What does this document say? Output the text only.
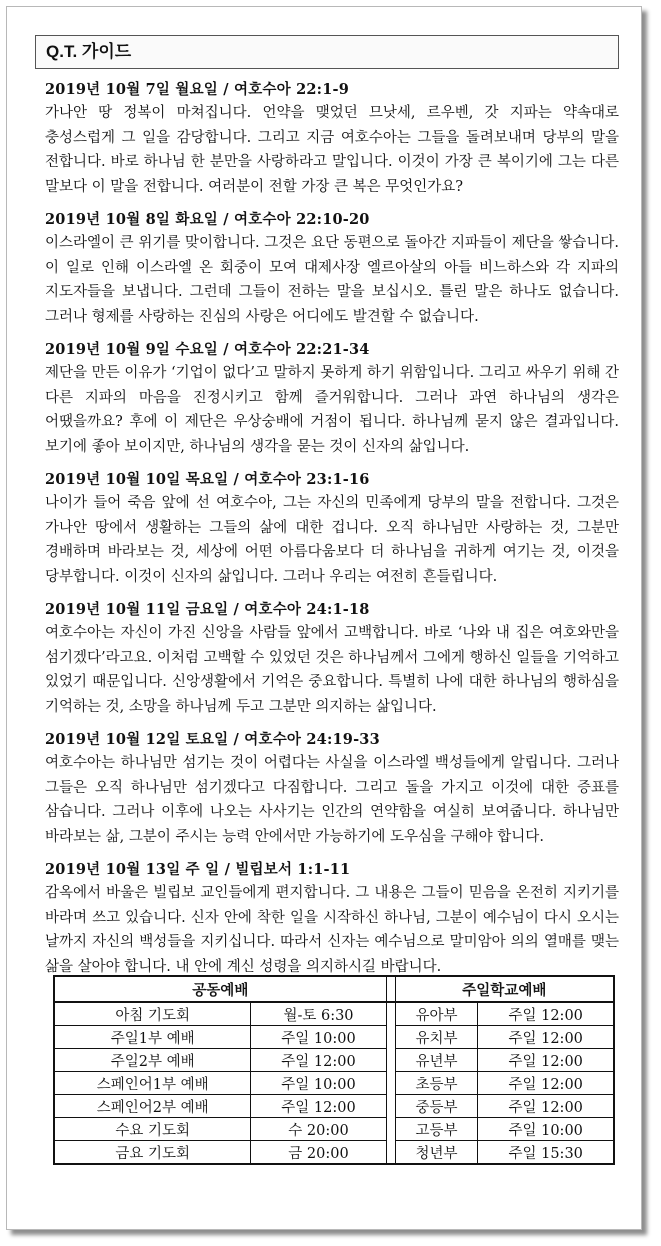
Q.T. 가이드
2019년 10월 7일 월요일 / 여호수아 22:1-9
가나안 땅 정복이 마쳐집니다. 언약을 맺었던 므낫세, 르우벤, 갓 지파는 약속대로 충성스럽게 그 일을 감당합니다. 그리고 지금 여호수아는 그들을 돌려보내며 당부의 말을 전합니다. 바로 하나님 한 분만을 사랑하라고 말입니다. 이것이 가장 큰 복이기에 그는 다른 말보다 이 말을 전합니다. 여러분이 전할 가장 큰 복은 무엇인가요?
2019년 10월 8일 화요일 / 여호수아 22:10-20
이스라엘이 큰 위기를 맞이합니다. 그것은 요단 동편으로 돌아간 지파들이 제단을 쌓습니다. 이 일로 인해 이스라엘 온 회중이 모여 대제사장 엘르아살의 아들 비느하스와 각 지파의 지도자들을 보냅니다. 그런데 그들이 전하는 말을 보십시오. 틀린 말은 하나도 없습니다. 그러나 형제를 사랑하는 진심의 사랑은 어디에도 발견할 수 없습니다.
2019년 10월 9일 수요일 / 여호수아 22:21-34
제단을 만든 이유가 ‘기업이 없다’고 말하지 못하게 하기 위함입니다. 그리고 싸우기 위해 간 다른 지파의 마음을 진정시키고 함께 즐거워합니다. 그러나 과연 하나님의 생각은 어땠을까요? 후에 이 제단은 우상숭배에 거점이 됩니다. 하나님께 묻지 않은 결과입니다. 보기에 좋아 보이지만, 하나님의 생각을 묻는 것이 신자의 삶입니다.
2019년 10월 10일 목요일 / 여호수아 23:1-16
나이가 들어 죽음 앞에 선 여호수아, 그는 자신의 민족에게 당부의 말을 전합니다. 그것은 가나안 땅에서 생활하는 그들의 삶에 대한 겁니다. 오직 하나님만 사랑하는 것, 그분만 경배하며 바라보는 것, 세상에 어떤 아름다움보다 더 하나님을 귀하게 여기는 것, 이것을 당부합니다. 이것이 신자의 삶입니다. 그러나 우리는 여전히 흔들립니다.
2019년 10월 11일 금요일 / 여호수아 24:1-18
여호수아는 자신이 가진 신앙을 사람들 앞에서 고백합니다. 바로 ‘나와 내 집은 여호와만을 섬기겠다’라고요. 이처럼 고백할 수 있었던 것은 하나님께서 그에게 행하신 일들을 기억하고 있었기 때문입니다. 신앙생활에서 기억은 중요합니다. 특별히 나에 대한 하나님의 행하심을 기억하는 것, 소망을 하나님께 두고 그분만 의지하는 삶입니다.
2019년 10월 12일 토요일 / 여호수아 24:19-33
여호수아는 하나님만 섬기는 것이 어렵다는 사실을 이스라엘 백성들에게 알립니다. 그러나 그들은 오직 하나님만 섬기겠다고 다짐합니다. 그리고 돌을 가지고 이것에 대한 증표를 삼습니다. 그러나 이후에 나오는 사사기는 인간의 연약함을 여실히 보여줍니다. 하나님만 바라보는 삶, 그분이 주시는 능력 안에서만 가능하기에 도우심을 구해야 합니다.
2019년 10월 13일 주 일 / 빌립보서 1:1-11
감옥에서 바울은 빌립보 교인들에게 편지합니다. 그 내용은 그들이 믿음을 온전히 지키기를 바라며 쓰고 있습니다. 신자 안에 착한 일을 시작하신 하나님, 그분이 예수님이 다시 오시는 날까지 자신의 백성들을 지키십니다. 따라서 신자는 예수님으로 말미암아 의의 열매를 맺는 삶을 살아야 합니다. 내 안에 계신 성령을 의지하시길 바랍니다.
공동예배			주일학교예배	
아침 기도회	월-토 6:30		유아부	주일 12:00
주일1부 예배	주일 10:00		유치부	주일 12:00
주일2부 예배	주일 12:00		유년부	주일 12:00
스페인어1부 예배	주일 10:00		초등부	주일 12:00
스페인어2부 예배	주일 12:00		중등부	주일 12:00
수요 기도회	수 20:00		고등부	주일 10:00
금요 기도회	금 20:00		청년부	주일 15:30
